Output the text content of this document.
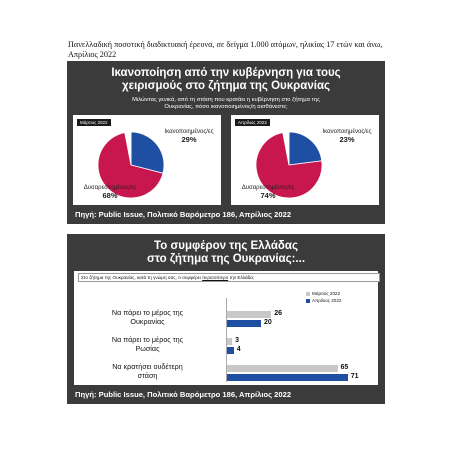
Πανελλαδική ποσοτική διαδικτυακή έρευνα, σε δείγμα 1.000 ατόμων, ηλικίας 17 ετών και άνω, Απρίλιος 2022
Ικανοποίηση από την κυβέρνηση για τους
χειρισμούς στο ζήτημα της Ουκρανίας
Μιλώντας γενικά, από τη στάση που κρατάει η κυβέρνηση στο ζήτημα της
Ουκρανίας, πόσο ικανοποιημένος/η αισθάνεστε;
Μάρτιος 2022
Ικανοποιημένος/ες
29%
Δυσαρεστημένος/ες
68%
Απρίλιος 2022
Ικανοποιημένος/ες
23%
Δυσαρεστημένος/ες
74%
Πηγή: Public Issue, Πολιτικό Βαρόμετρο 186, Απρίλιος 2022
Το συμφέρον της Ελλάδας
στο ζήτημα της Ουκρανίας:...
Στο ζήτημα της Ουκρανίας, κατά τη γνώμη σας, τι συμφέρει περισσότερο την Ελλάδα;
Μάρτιος 2022
Απρίλιος 2022
Να πάρει το μέρος της
Ουκρανίας
26
20
Να πάρει το μέρος της
Ρωσίας
3
4
Να κρατήσει ουδέτερη
στάση
65
71
Πηγή: Public Issue, Πολιτικό Βαρόμετρο 186, Απρίλιος 2022
